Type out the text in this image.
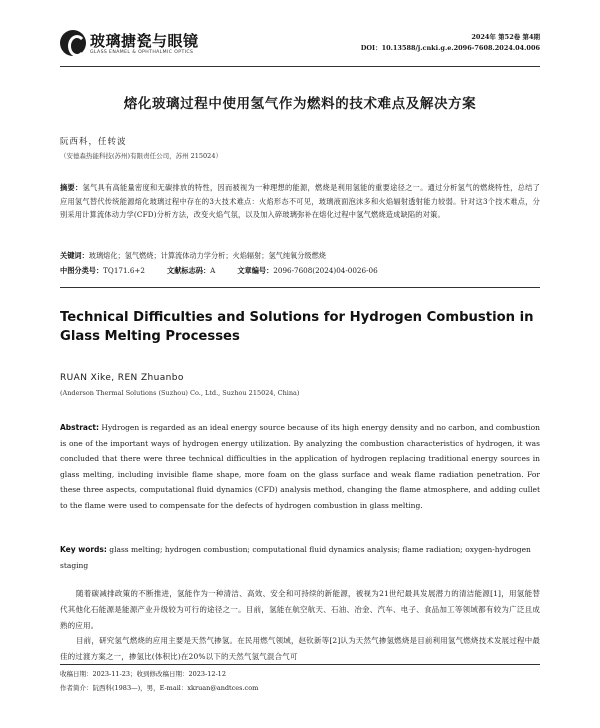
玻璃搪瓷与眼镜
GLASS ENAMEL & OPHTHALMIC OPTICS
2024年 第52卷 第4期
DOI：10.13588/j.cnki.g.e.2096-7608.2024.04.006
熔化玻璃过程中使用氢气作为燃料的技术难点及解决方案
阮西科，任转波
（安德森热能科技(苏州)有限责任公司，苏州 215024）
摘要：氢气具有高能量密度和无碳排放的特性，因而被视为一种理想的能源，燃烧是利用氢能的重要途径之一。通过分析氢气的燃烧特性，总结了应用氢气替代传统能源熔化玻璃过程中存在的3大技术难点：火焰形态不可见，玻璃液面泡沫多和火焰辐射透射能力较弱。针对这3个技术难点，分别采用计算流体动力学(CFD)分析方法，改变火焰气氛，以及加入碎玻璃弥补在熔化过程中氢气燃烧造成缺陷的对策。
关键词：玻璃熔化；氢气燃烧；计算流体动力学分析；火焰辐射；氢气纯氧分级燃烧
中图分类号：TQ171.6+2	文献标志码：A	文章编号：2096-7608(2024)04-0026-06
Technical Difficulties and Solutions for Hydrogen Combustion in Glass Melting Processes
RUAN Xike, REN Zhuanbo
(Anderson Thermal Solutions (Suzhou) Co., Ltd., Suzhou 215024, China)
Abstract: Hydrogen is regarded as an ideal energy source because of its high energy density and no carbon, and combustion is one of the important ways of hydrogen energy utilization. By analyzing the combustion characteristics of hydrogen, it was concluded that there were three technical difficulties in the application of hydrogen replacing traditional energy sources in glass melting, including invisible flame shape, more foam on the glass surface and weak flame radiation penetration. For these three aspects, computational fluid dynamics (CFD) analysis method, changing the flame atmosphere, and adding cullet to the flame were used to compensate for the defects of hydrogen combustion in glass melting.
Key words: glass melting; hydrogen combustion; computational fluid dynamics analysis; flame radiation; oxygen-hydrogen staging

随着碳减排政策的不断推进，氢能作为一种清洁、高效、安全和可持续的新能源，被视为21世纪最具发展潜力的清洁能源[1]，用氢能替代其他化石能源是能源产业升级较为可行的途径之一。目前，氢能在航空航天、石油、冶金、汽车、电子、食品加工等领域都有较为广泛且成熟的应用。

目前，研究氢气燃烧的应用主要是天然气掺氢。在民用燃气领域，赵钦新等[2]认为天然气掺氢燃烧是目前利用氢气燃烧技术发展过程中最佳的过渡方案之一，掺氢比(体积比)在20%以下的天然气氢气混合气可

收稿日期：2023-11-23；收到修改稿日期：2023-12-12
作者简介：阮西科(1983—)，男，E-mail：xkruan@andtces.com
